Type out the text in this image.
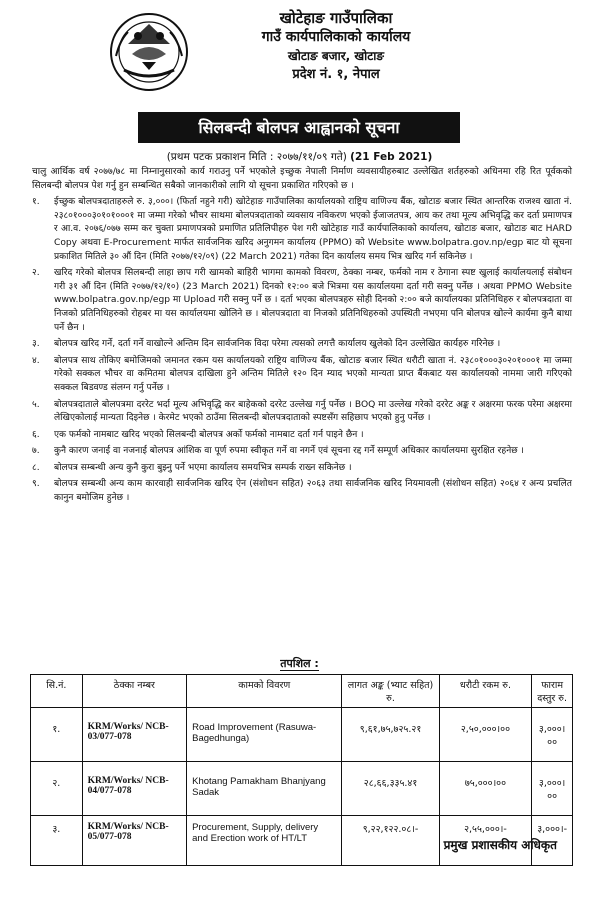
खोटेहाङ गाउँपालिका
गाउँ कार्यपालिकाको कार्यालय
खोटाङ बजार, खोटाङ
प्रदेश नं. १, नेपाल
सिलबन्दी बोलपत्र आह्वानको सूचना
(प्रथम पटक प्रकाशन मिति : २०७७/११/०९ गते) (21 Feb 2021)

चालु आर्थिक वर्ष २०७७/७८ मा निम्नानुसारको कार्य गराउनु पर्ने भएकोले इच्छुक नेपाली निर्माण व्यवसायीहरुबाट उल्लेखित शर्तहरुको अधिनमा रहि रित पूर्वकको सिलबन्दी बोलपत्र पेश गर्नु हुन सम्बन्धित सबैको जानकारीको लागि यो सूचना प्रकाशित गरिएको छ ।

१.	ईच्छुक बोलपत्रदाताहरुले रु. ३,०००। (फिर्ता नहुने गरी) खोटेहाङ गाउँपालिका कार्यालयको राष्ट्रिय वाणिज्य बैंक, खोटाङ बजार स्थित आन्तरिक राजश्व खाता नं. २३८०१०००३०१०१०००१ मा जम्मा गरेको भौचर साथमा बोलपत्रदाताको व्यवसाय नविकरण भएको ईजाजतपत्र, आय कर तथा मूल्य अभिवृद्धि कर दर्ता प्रमाणपत्र र आ.व. २०७६/०७७ सम्म कर चुक्ता प्रमाणपत्रको प्रमाणित प्रतिलिपीहरु पेश गरी खोटेहाङ गाउँ कार्यपालिकाको कार्यालय, खोटाङ बजार, खोटाङ बाट HARD Copy अथवा E-Procurement मार्फत सार्वजनिक खरिद अनुगमन कार्यालय (PPMO) को Website www.bolpatra.gov.np/egp बाट यो सूचना प्रकाशित मितिले ३० औं दिन (मिति २०७७/१२/०९) (22 March 2021) गतेका दिन कार्यालय समय भित्र खरिद गर्न सकिनेछ ।
२.	खरिद गरेको बोलपत्र सिलबन्दी लाहा छाप गरी खामको बाहिरी भागमा कामको विवरण, ठेक्का नम्बर, फर्मको नाम र ठेगाना स्पष्ट खुलाई कार्यालयलाई संबोधन गरी ३१ औं दिन (मिति २०७७/१२/१०) (23 March 2021) दिनको १२:०० बजे भित्रमा यस कार्यालयमा दर्ता गरी सक्नु पर्नेछ । अथवा PPMO Website www.bolpatra.gov.np/egp मा Upload गरी सक्नु पर्ने छ । दर्ता भएका बोलपत्रहरु सोही दिनको २:०० बजे कार्यालयका प्रतिनिधिहरु र बोलपत्रदाता वा निजको प्रतिनिधिहरुको रोहबर मा यस कार्यालयमा खोलिने छ । बोलपत्रदाता वा निजको प्रतिनिधिहरुको उपस्थिती नभएमा पनि बोलपत्र खोल्ने कार्यमा कुनै बाधा पर्ने छैन ।
३.	बोलपत्र खरिद गर्ने, दर्ता गर्ने वाखोल्ने अन्तिम दिन सार्वजनिक विदा परेमा त्यसको लगत्तै कार्यालय खुलेको दिन उल्लेखित कार्यहरु गरिनेछ ।
४.	बोलपत्र साथ तोकिए बमोजिमको जमानत रकम यस कार्यालयको राष्ट्रिय वाणिज्य बैंक, खोटाङ बजार स्थित धरौटी खाता नं. २३८०१०००३०२०१०००१ मा जम्मा गरेको सक्कल भौचर वा कमितमा बोलपत्र दाखिला हुने अन्तिम मितिले १२० दिन म्याद भएको मान्यता प्राप्त बैंकबाट यस कार्यालयको नाममा जारी गरिएको सक्कल बिडवण्ड संलग्न गर्नु पर्नेछ ।
५.	बोलपत्रदाताले बोलपत्रमा दररेट भर्दा मूल्य अभिवृद्धि कर बाहेकको दररेट उल्लेख गर्नु पर्नेछ । BOQ मा उल्लेख गरेको दररेट अङ्क र अक्षरमा फरक परेमा अक्षरमा लेखिएकोलाई मान्यता दिइनेछ । केरमेट भएको ठाउँमा सिलबन्दी बोलपत्रदाताको स्पष्टसँग सहिछाप भएको हुनु पर्नेछ ।
६.	एक फर्मको नामबाट खरिद भएको सिलबन्दी बोलपत्र अर्को फर्मको नामबाट दर्ता गर्न पाइने छैन ।
७.	कुनै कारण जनाई वा नजनाई बोलपत्र आंशिक वा पूर्ण रुपमा स्वीकृत गर्ने वा नगर्ने एवं सूचना रद्द गर्ने सम्पूर्ण अधिकार कार्यालयमा सुरक्षित रहनेछ ।
८.	बोलपत्र सम्बन्धी अन्य कुनै कुरा बुझ्नु पर्ने भएमा कार्यालय समयभित्र सम्पर्क राख्न सकिनेछ ।
९.	बोलपत्र सम्बन्धी अन्य काम कारवाही सार्वजनिक खरिद ऐन (संशोधन सहित) २०६३ तथा सार्वजनिक खरिद नियमावली (संशोधन सहित) २०६४ र अन्य प्रचलित कानुन बमोजिम हुनेछ ।
तपशिल :
सि.नं.	ठेक्का नम्बर	कामको विवरण	लागत अङ्क (भ्याट सहित) रु.	धरौटी रकम रु.	फाराम दस्तुर रु.
१.	KRM/Works/ NCB-03/077-078	Road Improvement (Rasuwa-Bagedhunga)	९,६१,७५,७२५.२१	२,५०,०००।००	३,०००।००
२.	KRM/Works/ NCB-04/077-078	Khotang Pamakham Bhanjyang Sadak	२८,६६,३३५.४१	७५,०००।००	३,०००।००
३.	KRM/Works/ NCB-05/077-078	Procurement, Supply, delivery and Erection work of HT/LT	९,२२,१२२.०८।-	२,५५,०००।-	३,०००।-
प्रमुख प्रशासकीय अधिकृत
